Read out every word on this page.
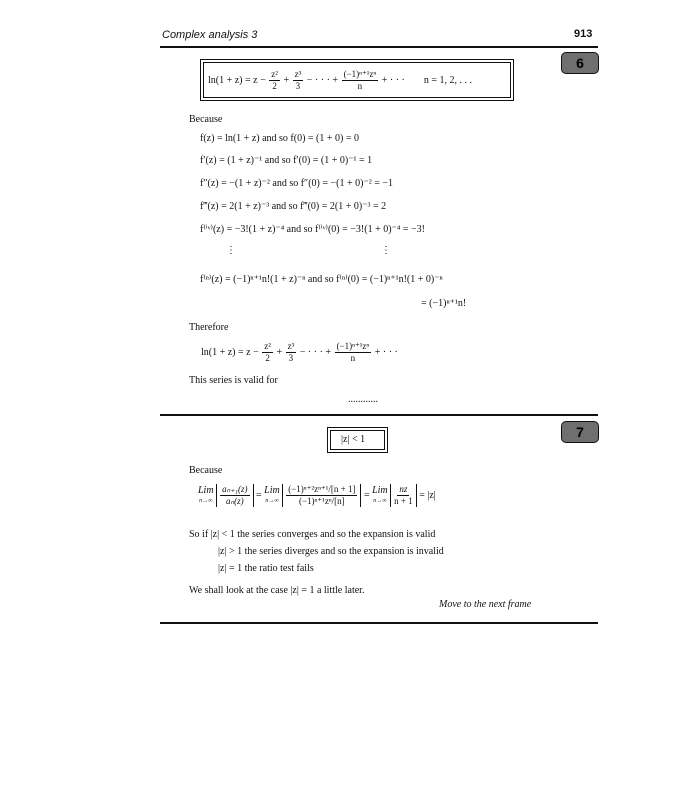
Complex analysis 3	913
6
$\ln(1 + z) = z - \frac{\text{z²}}{2} + \frac{\text{z³}}{3}$ − · · · + $\frac{\text{(−1)ⁿ⁺¹zⁿ}}{n}$ + · · · n = 1, 2, . . .
Because
f(z) = ln(1 + z) and so f(0) = (1 + 0) = 0
f′(z) = (1 + z)⁻¹ and so f′(0) = (1 + 0)⁻¹ = 1
f″(z) = −(1 + z)⁻² and so f″(0) = −(1 + 0)⁻² = −1
f‴(z) = 2(1 + z)⁻³ and so f‴(0) = 2(1 + 0)⁻³ = 2
f⁽ⁱᵛ⁾(z) = −3!(1 + z)⁻⁴ and so f⁽ⁱᵛ⁾(0) = −3!(1 + 0)⁻⁴ = −3!
⋮	⋮
f⁽ⁿ⁾(z) = (−1)ⁿ⁺¹n!(1 + z)⁻ⁿ and so f⁽ⁿ⁾(0) = (−1)ⁿ⁺¹n!(1 + 0)⁻ⁿ
= (−1)ⁿ⁺¹n!
Therefore
$\ln(1 + z) = z - \frac{\text{z²}}{2} + \frac{\text{z³}}{3}$ − · · · + $\frac{\text{(−1)ⁿ⁺¹zⁿ}}{n}$ + · · ·
This series is valid for
............
7
|z| < 1
Because
Lim
n→∞
$\frac{\text{aₙ₊₁(z)}}{\text{aₙ(z)}}$ = Lim
n→∞
$\frac{\text{(−1)ⁿ⁺²zⁿ⁺¹/[n + 1]}}{\text{(−1)ⁿ⁺¹zⁿ/[n]}}$ = Lim
n→∞
$\frac{nz}{n + 1} = |z|$
So if |z| < 1 the series converges and so the expansion is valid
|z| > 1 the series diverges and so the expansion is invalid
|z| = 1 the ratio test fails
We shall look at the case |z| = 1 a little later.
Move to the next frame
